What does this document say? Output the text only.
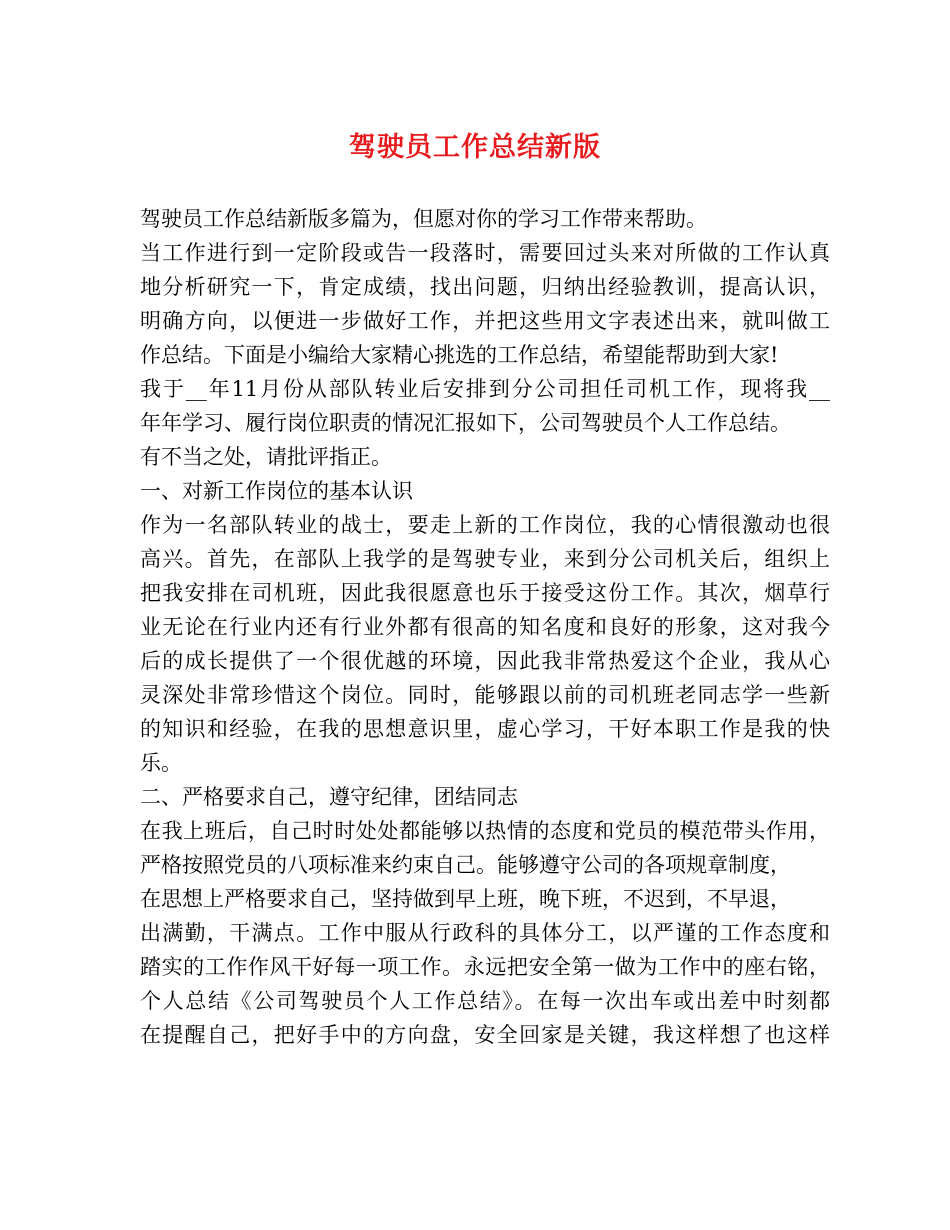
驾驶员工作总结新版

驾驶员工作总结新版多篇为，但愿对你的学习工作带来帮助。

当工作进行到一定阶段或告一段落时，需要回过头来对所做的工作认真

地分析研究一下，肯定成绩，找出问题，归纳出经验教训，提高认识，

明确方向，以便进一步做好工作，并把这些用文字表述出来，就叫做工

作总结。下面是小编给大家精心挑选的工作总结，希望能帮助到大家!

我于__年11月份从部队转业后安排到分公司担任司机工作，现将我__

年年学习、履行岗位职责的情况汇报如下，公司驾驶员个人工作总结。

有不当之处，请批评指正。

一、对新工作岗位的基本认识

作为一名部队转业的战士，要走上新的工作岗位，我的心情很激动也很

高兴。首先，在部队上我学的是驾驶专业，来到分公司机关后，组织上

把我安排在司机班，因此我很愿意也乐于接受这份工作。其次，烟草行

业无论在行业内还有行业外都有很高的知名度和良好的形象，这对我今

后的成长提供了一个很优越的环境，因此我非常热爱这个企业，我从心

灵深处非常珍惜这个岗位。同时，能够跟以前的司机班老同志学一些新

的知识和经验，在我的思想意识里，虚心学习，干好本职工作是我的快

乐。

二、严格要求自己，遵守纪律，团结同志

在我上班后，自己时时处处都能够以热情的态度和党员的模范带头作用，

严格按照党员的八项标准来约束自己。能够遵守公司的各项规章制度，

在思想上严格要求自己，坚持做到早上班，晚下班，不迟到，不早退，

出满勤，干满点。工作中服从行政科的具体分工，以严谨的工作态度和

踏实的工作作风干好每一项工作。永远把安全第一做为工作中的座右铭，

个人总结《公司驾驶员个人工作总结》。在每一次出车或出差中时刻都

在提醒自己，把好手中的方向盘，安全回家是关键，我这样想了也这样
